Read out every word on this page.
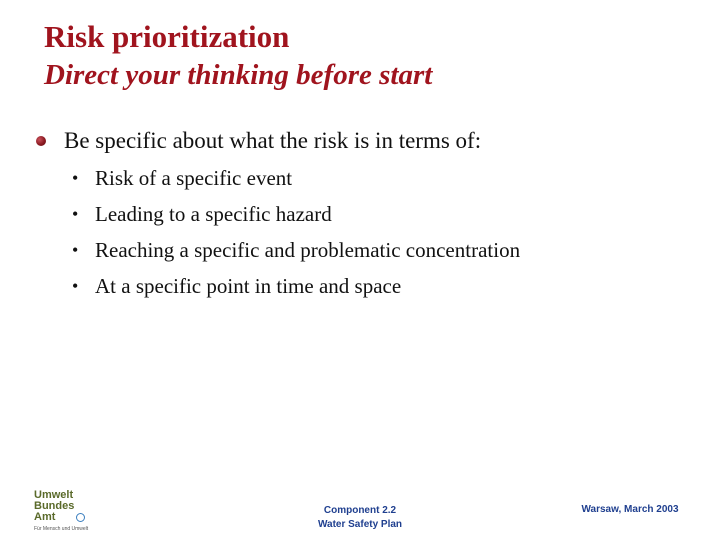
Risk prioritization
Direct your thinking before start
Be specific about what the risk is in terms of:
• Risk of a specific event
• Leading to a specific hazard
• Reaching a specific and problematic concentration
• At a specific point in time and space
Umwelt
Bundes
Amt
Für Mensch und Umwelt
Component 2.2
Water Safety Plan
Warsaw, March 2003
